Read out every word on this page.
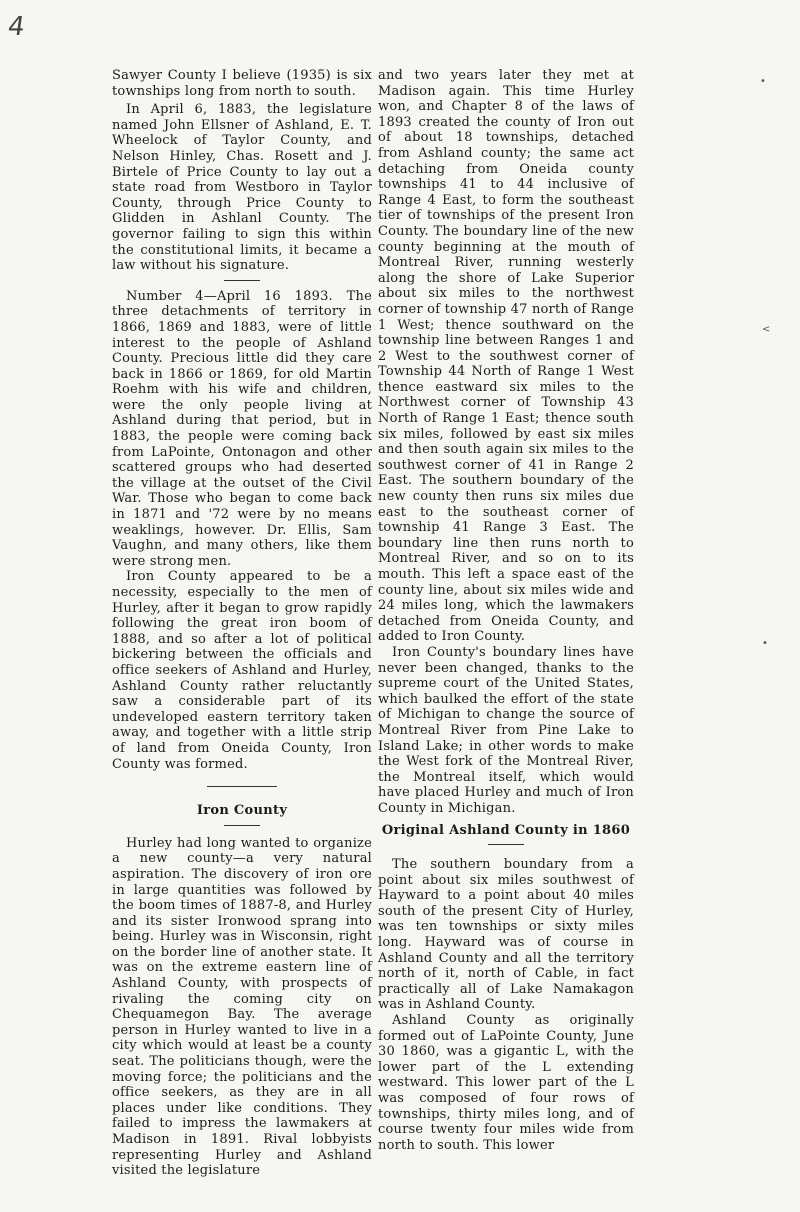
4

Sawyer County I believe (1935) is six townships long from north to south.

In April 6, 1883, the legislature named John Ellsner of Ashland, E. T. Wheelock of Taylor County, and Nelson Hinley, Chas. Rosett and J. Birtele of Price County to lay out a state road from Westboro in Taylor County, through Price County to Glidden in Ashlanl County. The governor failing to sign this within the constitutional limits, it became a law without his signature.

Number 4—April 16 1893. The three detachments of territory in 1866, 1869 and 1883, were of little interest to the people of Ashland County. Precious little did they care back in 1866 or 1869, for old Martin Roehm with his wife and children, were the only people living at Ashland during that period, but in 1883, the people were coming back from LaPointe, Ontonagon and other scattered groups who had deserted the village at the outset of the Civil War. Those who began to come back in 1871 and '72 were by no means weaklings, however. Dr. Ellis, Sam Vaughn, and many others, like them were strong men.

Iron County appeared to be a necessity, especially to the men of Hurley, after it began to grow rapidly following the great iron boom of 1888, and so after a lot of political bickering between the officials and office seekers of Ashland and Hurley, Ashland County rather reluctantly saw a considerable part of its undeveloped eastern territory taken away, and together with a little strip of land from Oneida County, Iron County was formed.

Iron County

Hurley had long wanted to organize a new county—a very natural aspiration. The discovery of iron ore in large quantities was followed by the boom times of 1887-8, and Hurley and its sister Ironwood sprang into being. Hurley was in Wisconsin, right on the border line of another state. It was on the extreme eastern line of Ashland County, with prospects of rivaling the coming city on Chequamegon Bay. The average person in Hurley wanted to live in a city which would at least be a county seat. The politicians though, were the moving force; the politicians and the office seekers, as they are in all places under like conditions. They failed to impress the lawmakers at Madison in 1891. Rival lobbyists representing Hurley and Ashland visited the legislature

and two years later they met at Madison again. This time Hurley won, and Chapter 8 of the laws of 1893 created the county of Iron out of about 18 townships, detached from Ashland county; the same act detaching from Oneida county townships 41 to 44 inclusive of Range 4 East, to form the southeast tier of townships of the present Iron County. The boundary line of the new county beginning at the mouth of Montreal River, running westerly along the shore of Lake Superior about six miles to the northwest corner of township 47 north of Range 1 West; thence southward on the township line between Ranges 1 and 2 West to the southwest corner of Township 44 North of Range 1 West thence eastward six miles to the Northwest corner of Township 43 North of Range 1 East; thence south six miles, followed by east six miles and then south again six miles to the southwest corner of 41 in Range 2 East. The southern boundary of the new county then runs six miles due east to the southeast corner of township 41 Range 3 East. The boundary line then runs north to Montreal River, and so on to its mouth. This left a space east of the county line, about six miles wide and 24 miles long, which the lawmakers detached from Oneida County, and added to Iron County.

Iron County's boundary lines have never been changed, thanks to the supreme court of the United States, which baulked the effort of the state of Michigan to change the source of Montreal River from Pine Lake to Island Lake; in other words to make the West fork of the Montreal River, the Montreal itself, which would have placed Hurley and much of Iron County in Michigan.

Original Ashland County in 1860

The southern boundary from a point about six miles southwest of Hayward to a point about 40 miles south of the present City of Hurley, was ten townships or sixty miles long. Hayward was of course in Ashland County and all the territory north of it, north of Cable, in fact practically all of Lake Namakagon was in Ashland County.

Ashland County as originally formed out of LaPointe County, June 30 1860, was a gigantic L, with the lower part of the L extending westward. This lower part of the L was composed of four rows of townships, thirty miles long, and of course twenty four miles wide from north to south. This lower

•
<
•
